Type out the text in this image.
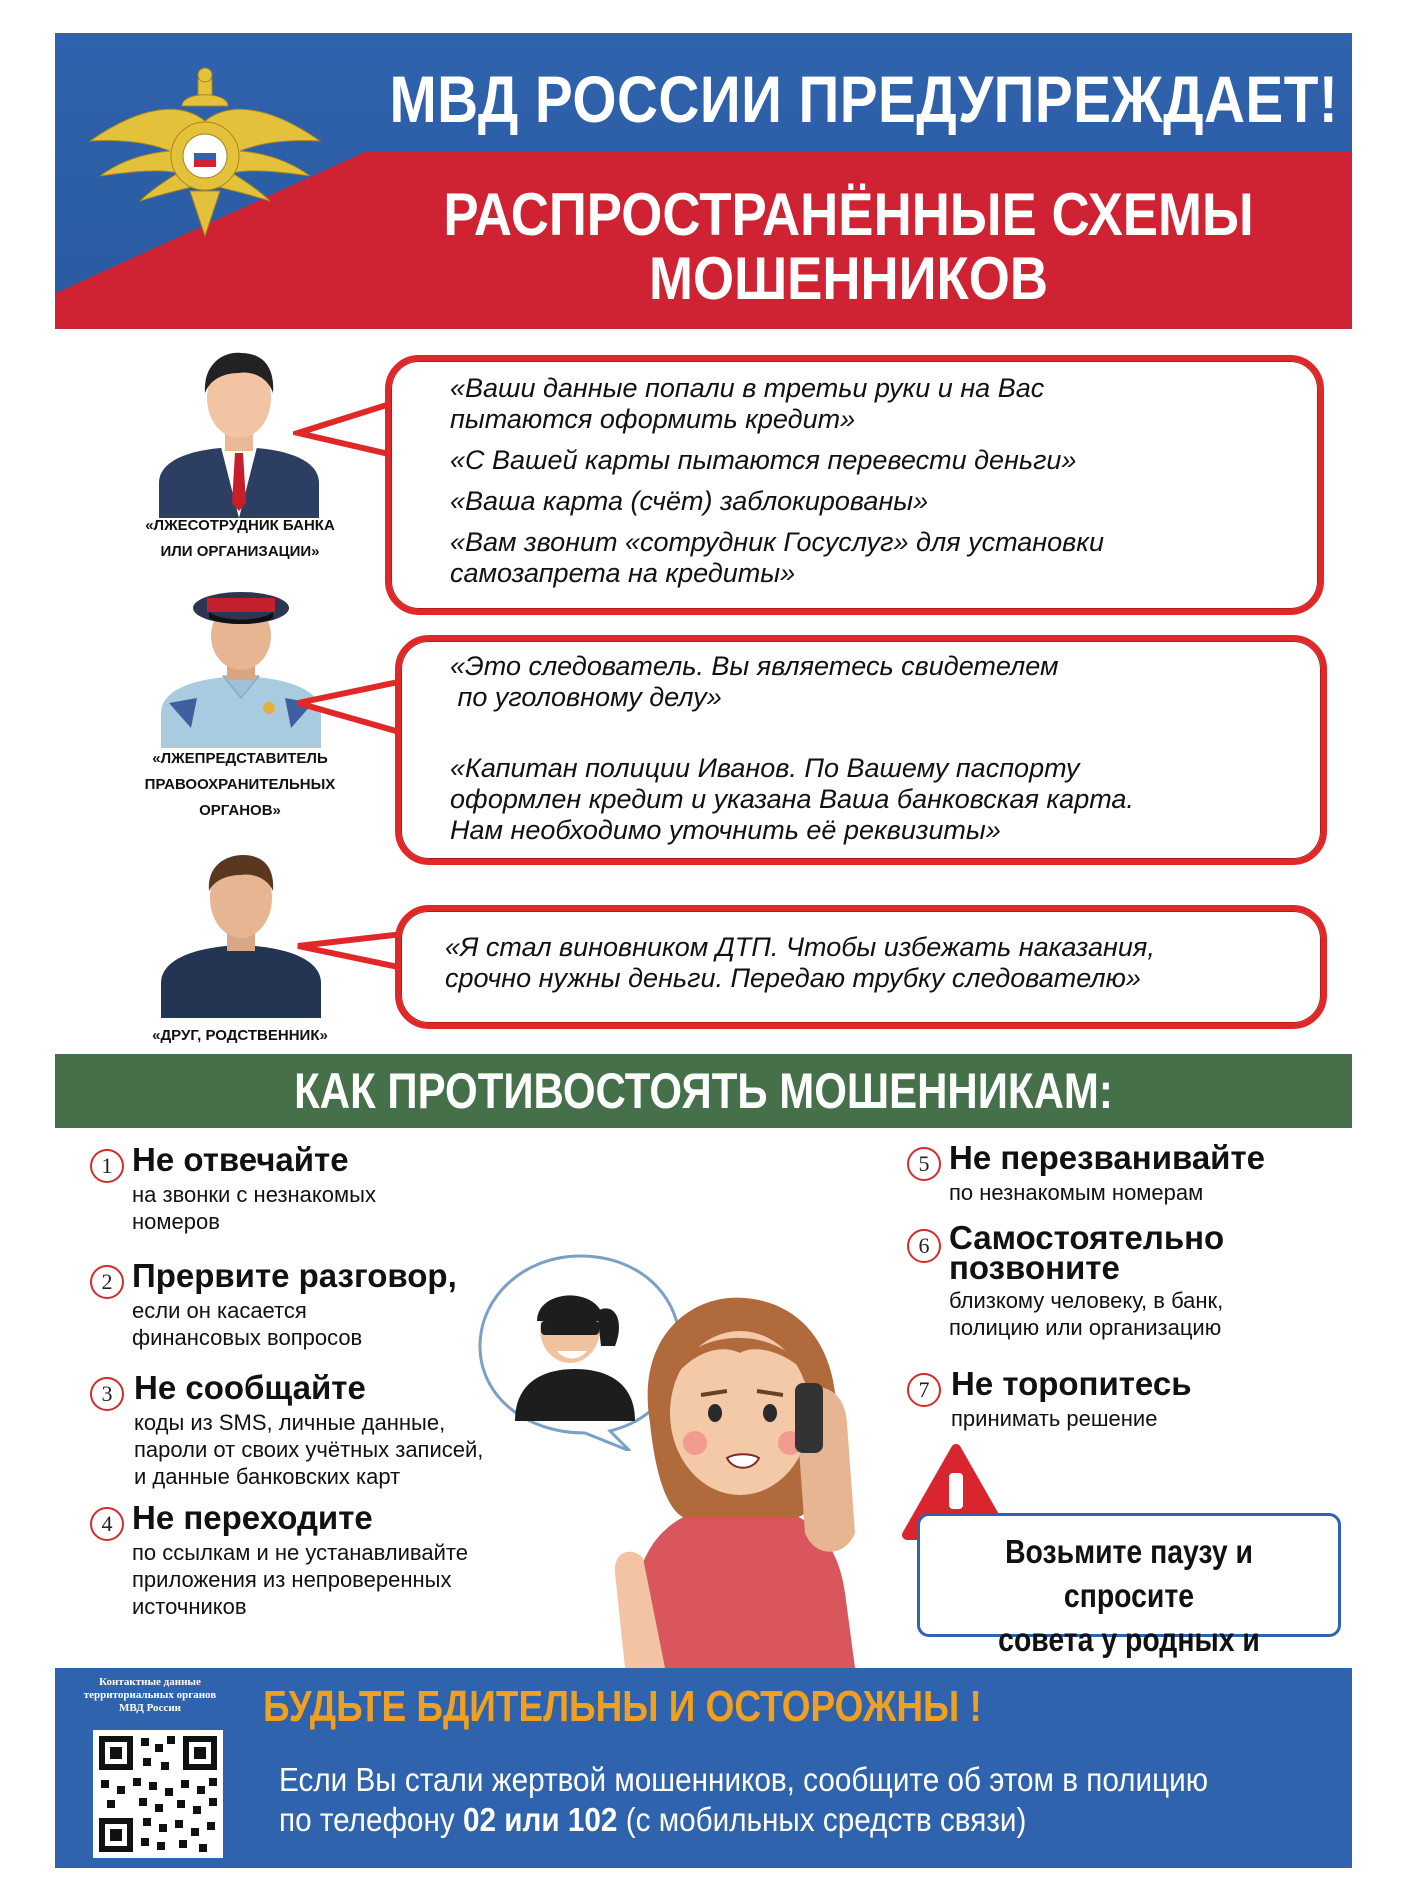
МВД РОССИИ ПРЕДУПРЕЖДАЕТ!
РАСПРОСТРАНЁННЫЕ СХЕМЫ
МОШЕННИКОВ
«ЛЖЕСОТРУДНИК БАНКА
ИЛИ ОРГАНИЗАЦИИ»
«Ваши данные попали в третьи руки и на Вас
пытаются оформить кредит»
«С Вашей карты пытаются перевести деньги»
«Ваша карта (счёт) заблокированы»
«Вам звонит «сотрудник Госуслуг» для установки
самозапрета на кредиты»
«ЛЖЕПРЕДСТАВИТЕЛЬ
ПРАВООХРАНИТЕЛЬНЫХ
ОРГАНОВ»
«Это следователь. Вы являетесь свидетелем
по уголовному делу»
«Капитан полиции Иванов. По Вашему паспорту
оформлен кредит и указана Ваша банковская карта.
Нам необходимо уточнить её реквизиты»
«ДРУГ, РОДСТВЕННИК»
«Я стал виновником ДТП. Чтобы избежать наказания,
срочно нужны деньги. Передаю трубку следователю»
КАК ПРОТИВОСТОЯТЬ МОШЕННИКАМ:
1 Не отвечайте
на звонки с незнакомых
номеров
2 Прервите разговор,
если он касается
финансовых вопросов
3 Не сообщайте
коды из SMS, личные данные,
пароли от своих учётных записей,
и данные банковских карт
4 Не переходите
по ссылкам и не устанавливайте
приложения из непроверенных
источников
5 Не перезванивайте
по незнакомым номерам
6 Самостоятельно
позвоните
близкому человеку, в банк,
полицию или организацию
7 Не торопитесь
принимать решение
Возьмите паузу и спросите
совета у родных и
Контактные данные
территориальных органов
МВД России	БУДЬТЕ БДИТЕЛЬНЫ И ОСТОРОЖНЫ !
Если Вы стали жертвой мошенников, сообщите об этом в полицию
по телефону 02 или 102 (с мобильных средств связи)
